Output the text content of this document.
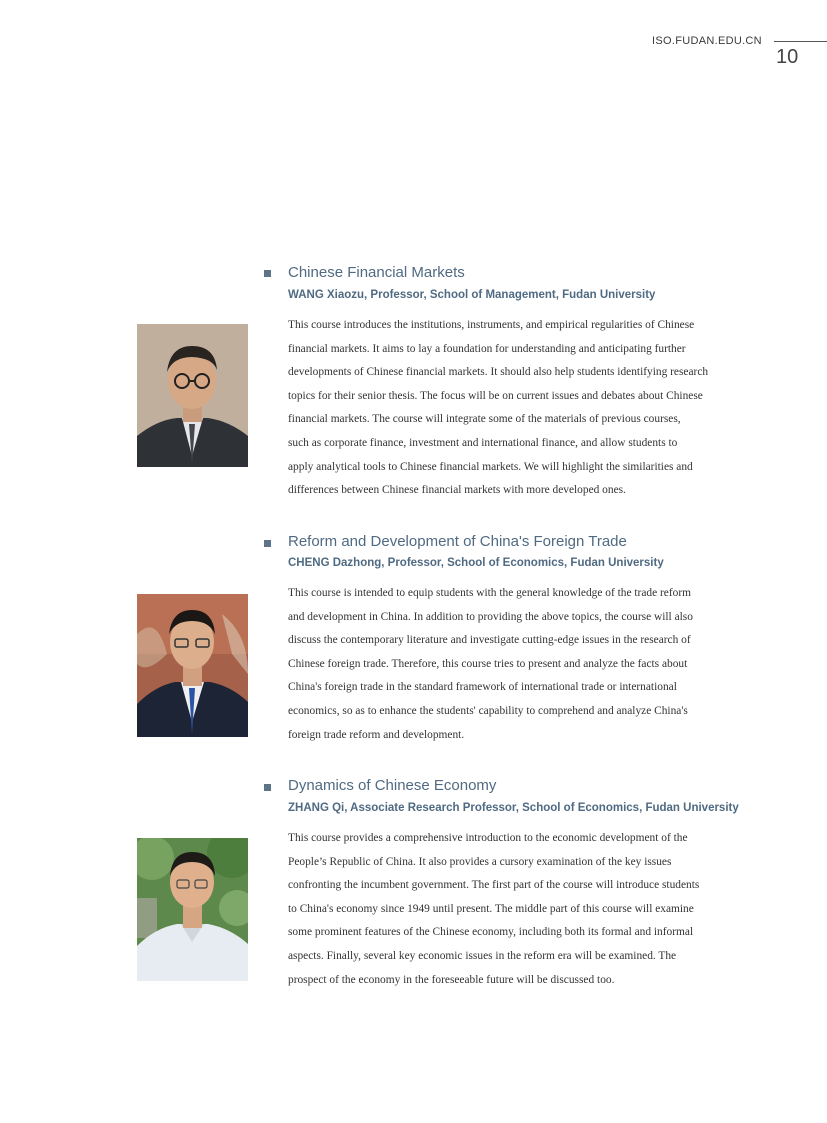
ISO.FUDAN.EDU.CN
10
Chinese Financial Markets
WANG Xiaozu, Professor, School of Management, Fudan University

This course introduces the institutions, instruments, and empirical regularities of Chinese

financial markets. It aims to lay a foundation for understanding and anticipating further

developments of Chinese financial markets. It should also help students identifying research

topics for their senior thesis. The focus will be on current issues and debates about Chinese

financial markets. The course will integrate some of the materials of previous courses,

such as corporate finance, investment and international finance, and allow students to

apply analytical tools to Chinese financial markets. We will highlight the similarities and

differences between Chinese financial markets with more developed ones.

Reform and Development of China's Foreign Trade
CHENG Dazhong, Professor, School of Economics, Fudan University

This course is intended to equip students with the general knowledge of the trade reform

and development in China. In addition to providing the above topics, the course will also

discuss the contemporary literature and investigate cutting-edge issues in the research of

Chinese foreign trade. Therefore, this course tries to present and analyze the facts about

China's foreign trade in the standard framework of international trade or international

economics, so as to enhance the students' capability to comprehend and analyze China's

foreign trade reform and development.

Dynamics of Chinese Economy
ZHANG Qi, Associate Research Professor, School of Economics, Fudan University

This course provides a comprehensive introduction to the economic development of the

People’s Republic of China. It also provides a cursory examination of the key issues

confronting the incumbent government. The first part of the course will introduce students

to China's economy since 1949 until present. The middle part of this course will examine

some prominent features of the Chinese economy, including both its formal and informal

aspects. Finally, several key economic issues in the reform era will be examined. The

prospect of the economy in the foreseeable future will be discussed too.
